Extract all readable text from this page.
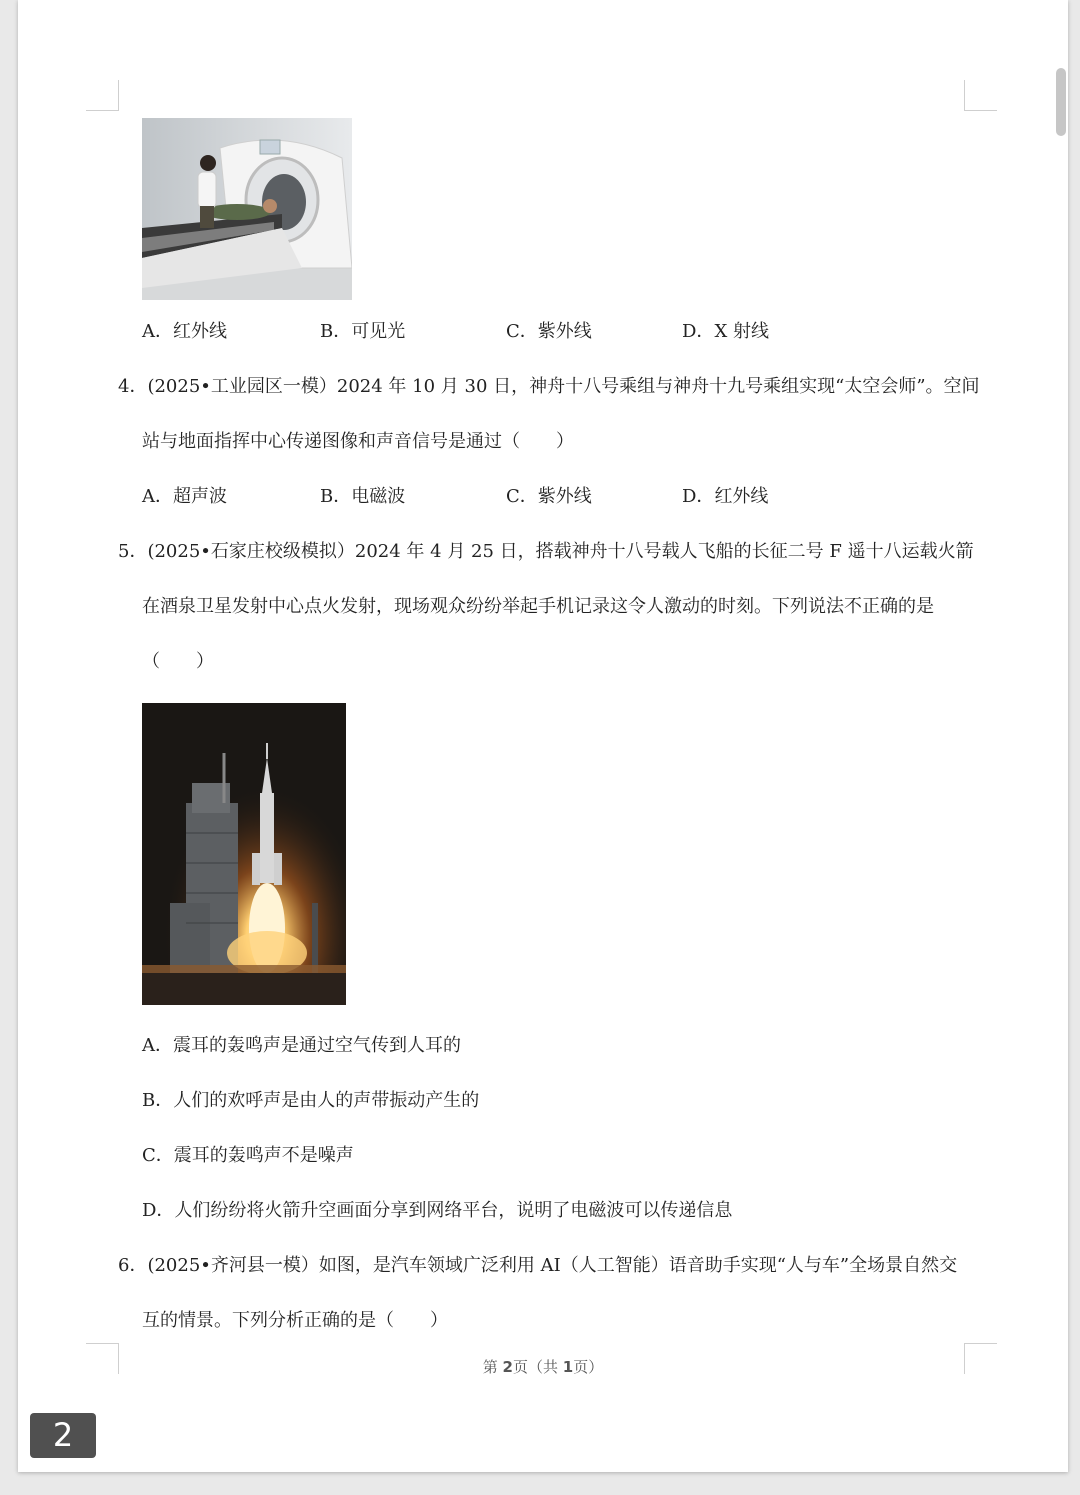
A．红外线	B．可见光	C．紫外线	D．X 射线
4．(2025•工业园区一模）2024 年 10 月 30 日，神舟十八号乘组与神舟十九号乘组实现“太空会师”。空间
站与地面指挥中心传递图像和声音信号是通过（　　）
A．超声波	B．电磁波	C．紫外线	D．红外线
5．(2025•石家庄校级模拟）2024 年 4 月 25 日，搭载神舟十八号载人飞船的长征二号 F 遥十八运载火箭
在酒泉卫星发射中心点火发射，现场观众纷纷举起手机记录这令人激动的时刻。下列说法不正确的是
（　　）
A．震耳的轰鸣声是通过空气传到人耳的
B．人们的欢呼声是由人的声带振动产生的
C．震耳的轰鸣声不是噪声
D．人们纷纷将火箭升空画面分享到网络平台，说明了电磁波可以传递信息
6．(2025•齐河县一模）如图，是汽车领域广泛利用 AI（人工智能）语音助手实现“人与车”全场景自然交
互的情景。下列分析正确的是（　　）
第 2页（共 1页）
2
